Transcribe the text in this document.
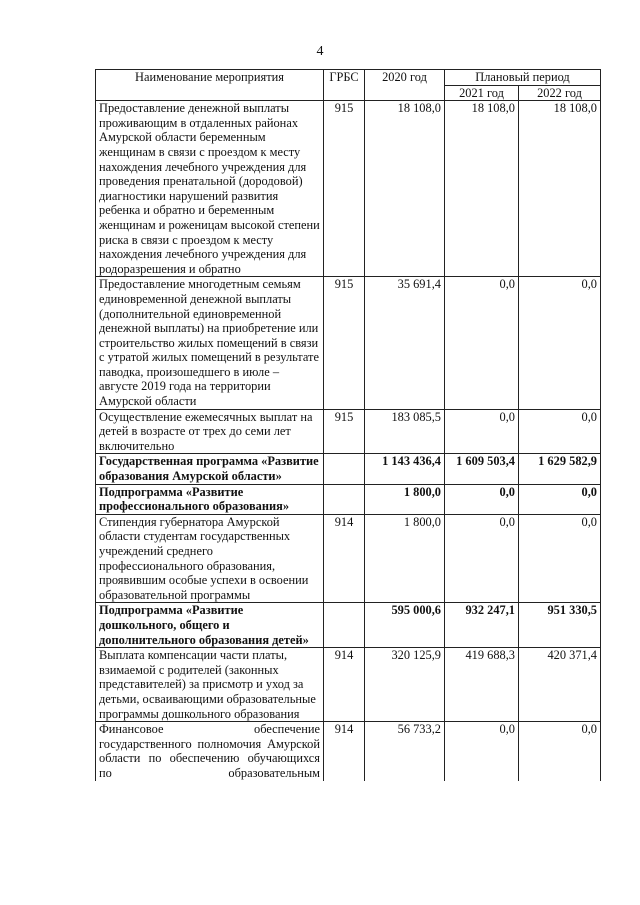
4
Наименование мероприятия	ГРБС	2020 год	Плановый период	
			2021 год	2022 год
Предоставление денежной выплаты проживающим в отдаленных районах Амурской области беременным женщинам в связи с проездом к месту нахождения лечебного учреждения для проведения пренатальной (дородовой) диагностики нарушений развития ребенка и обратно и беременным женщинам и роженицам высокой степени риска в связи с проездом к месту нахождения лечебного учреждения для родоразрешения и обратно	915	18 108,0	18 108,0	18 108,0
Предоставление многодетным семьям единовременной денежной выплаты (дополнительной единовременной денежной выплаты) на приобретение или строительство жилых помещений в связи с утратой жилых помещений в результате паводка, произошедшего в июле – августе 2019 года на территории Амурской области	915	35 691,4	0,0	0,0
Осуществление ежемесячных выплат на детей в возрасте от трех до семи лет включительно	915	183 085,5	0,0	0,0
Государственная программа «Развитие образования Амурской области»		1 143 436,4	1 609 503,4	1 629 582,9
Подпрограмма «Развитие профессионального образования»		1 800,0	0,0	0,0
Стипендия губернатора Амурской области студентам государственных учреждений среднего профессионального образования, проявившим особые успехи в освоении образовательной программы	914	1 800,0	0,0	0,0
Подпрограмма «Развитие дошкольного, общего и дополнительного образования детей»		595 000,6	932 247,1	951 330,5
Выплата компенсации части платы, взимаемой с родителей (законных представителей) за присмотр и уход за детьми, осваивающими образовательные программы дошкольного образования	914	320 125,9	419 688,3	420 371,4
Финансовое обеспечение государственного полномочия Амурской области по обеспечению обучающихся по образовательным	914	56 733,2	0,0	0,0
